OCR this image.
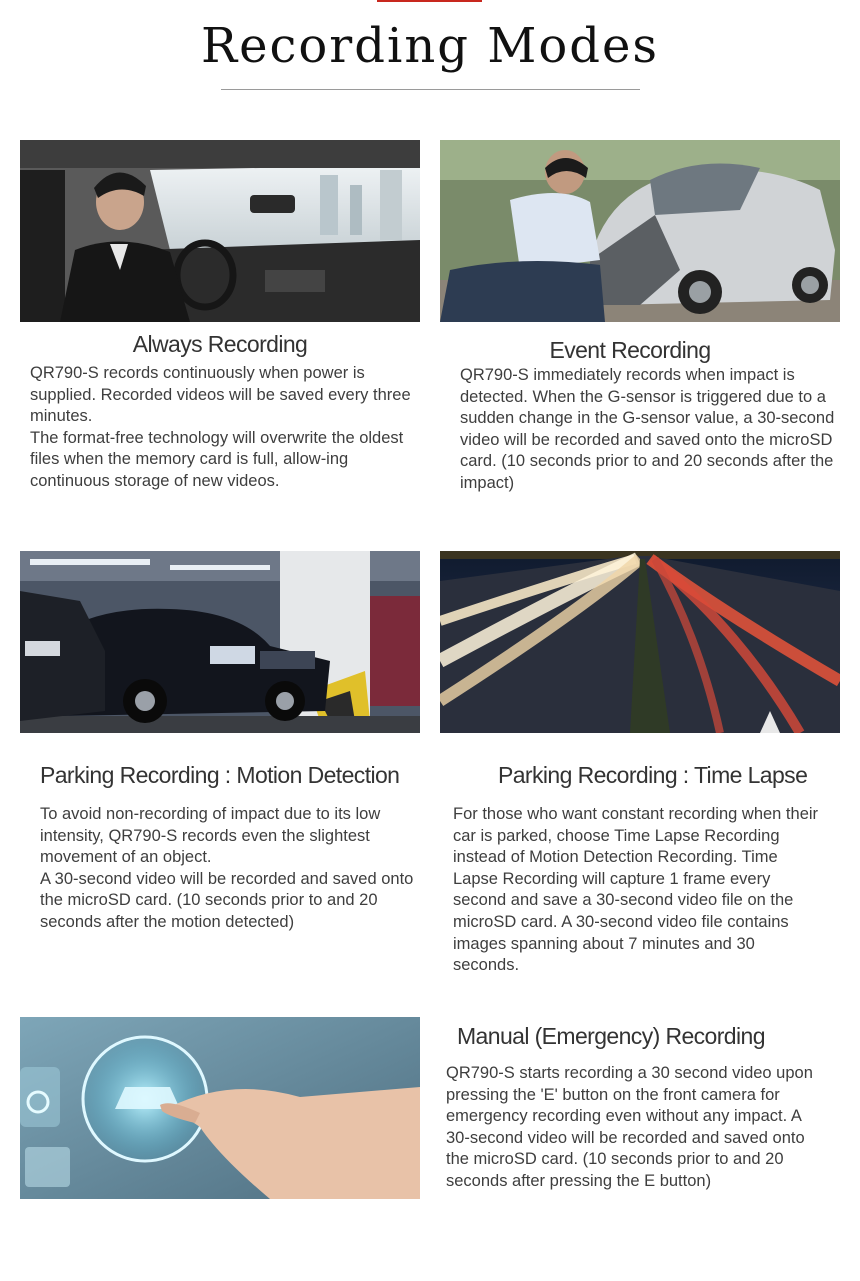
Recording Modes
Always Recording
QR790-S records continuously when power is supplied. Recorded videos will be saved every three minutes.
The format-free technology will overwrite the oldest files when the memory card is full, allow-ing continuous storage of new videos.
Event Recording
QR790-S immediately records when impact is detected. When the G-sensor is triggered due to a sudden change in the G-sensor value, a 30-second video will be recorded and saved onto the microSD card. (10 seconds prior to and 20 seconds after the impact)
Parking Recording : Motion Detection
To avoid non-recording of impact due to its low intensity, QR790-S records even the slightest movement of an object.
A 30-second video will be recorded and saved onto the microSD card. (10 seconds prior to and 20 seconds after the motion detected)
Parking Recording : Time Lapse
For those who want constant recording when their car is parked, choose Time Lapse Recording instead of Motion Detection Recording. Time Lapse Recording will capture 1 frame every second and save a 30-second video file on the microSD card. A 30-second video file contains images spanning about 7 minutes and 30 seconds.
Manual (Emergency) Recording
QR790-S starts recording a 30 second video upon pressing the 'E' button on the front camera for emergency recording even without any impact. A 30-second video will be recorded and saved onto the microSD card. (10 seconds prior to and 20 seconds after pressing the E button)
